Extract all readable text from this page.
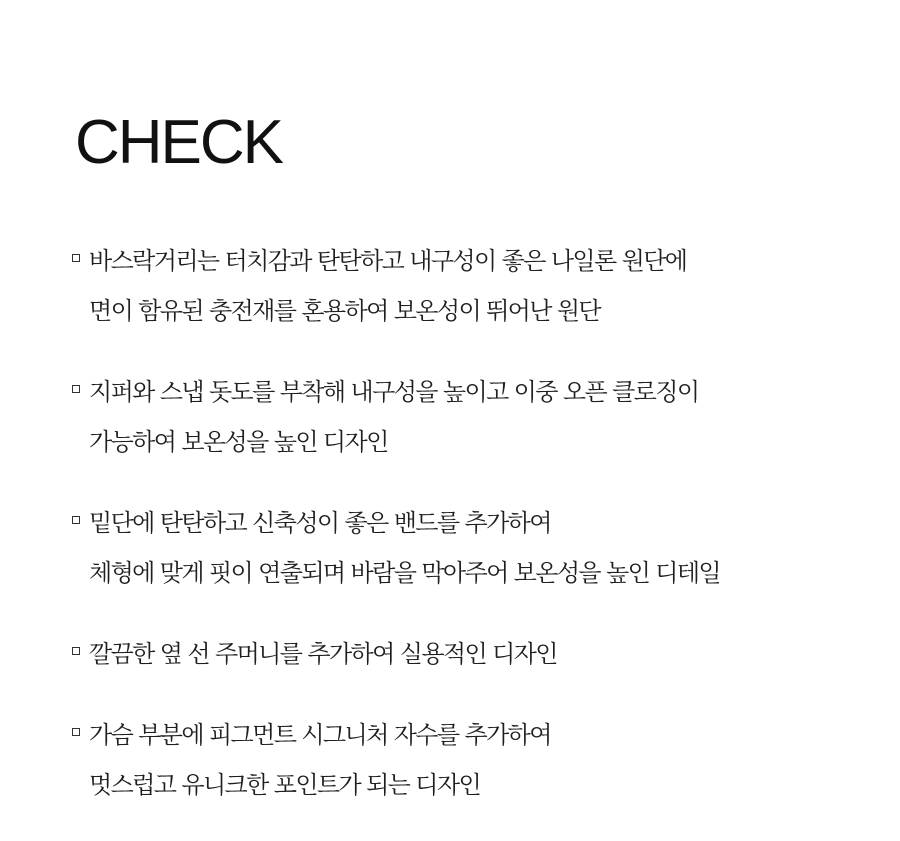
CHECK
바스락거리는 터치감과 탄탄하고 내구성이 좋은 나일론 원단에
면이 함유된 충전재를 혼용하여 보온성이 뛰어난 원단
지퍼와 스냅 돗도를 부착해 내구성을 높이고 이중 오픈 클로징이
가능하여 보온성을 높인 디자인
밑단에 탄탄하고 신축성이 좋은 밴드를 추가하여
체형에 맞게 핏이 연출되며 바람을 막아주어 보온성을 높인 디테일
깔끔한 옆 선 주머니를 추가하여 실용적인 디자인
가슴 부분에 피그먼트 시그니처 자수를 추가하여
멋스럽고 유니크한 포인트가 되는 디자인
